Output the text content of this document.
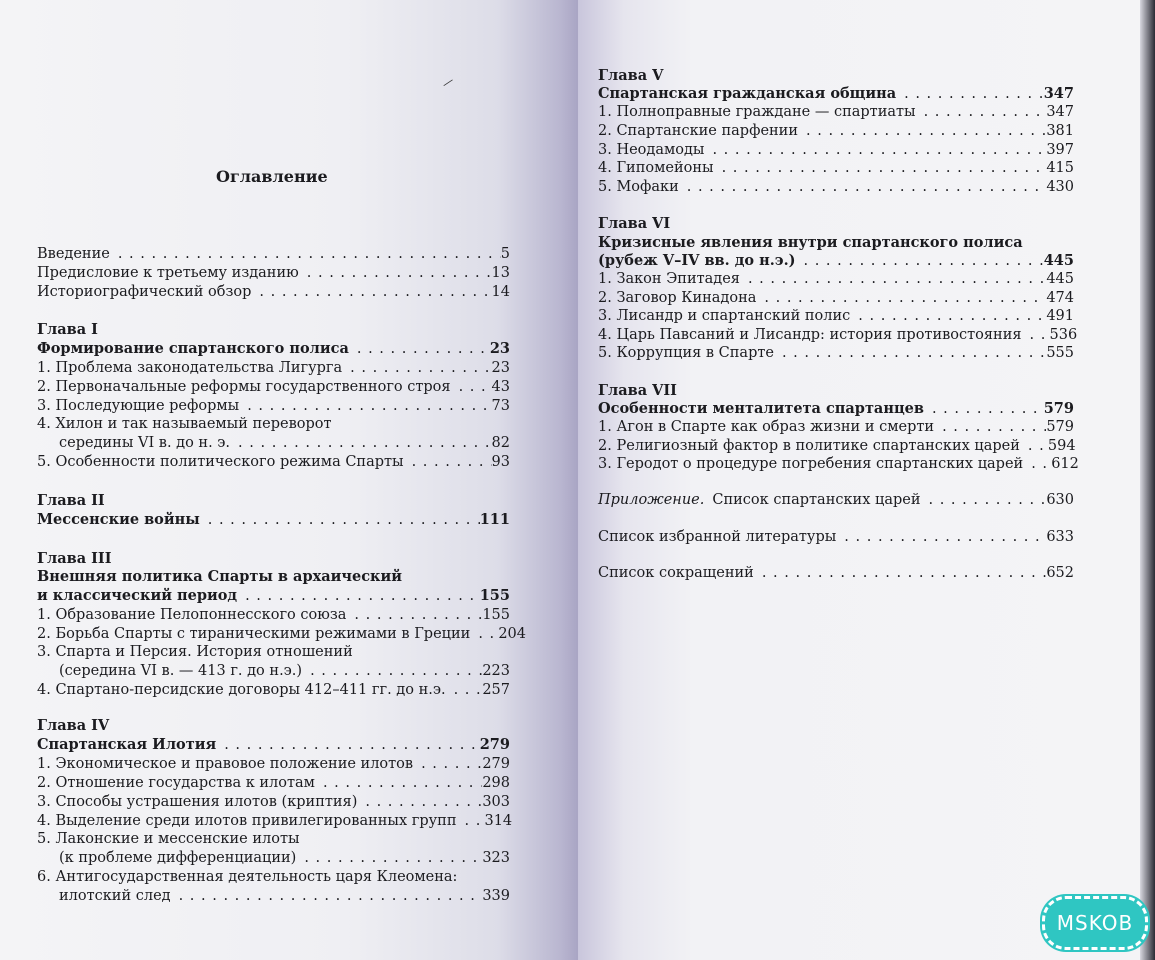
⁄
Оглавление
Введение . . .	5
Предисловие к третьему изданию . . .	13
Историографический обзор . . .	14
Глава I
Формирование спартанского полиса . . .	23
1. Проблема законодательства Лигурга . . .	23
2. Первоначальные реформы государственного строя . . .	43
3. Последующие реформы . . .	73
4. Хилон и так называемый переворот
середины VI в. до н. э. . . .	82
5. Особенности политического режима Спарты . . .	93
Глава II
Мессенские войны . . .	111
Глава III
Внешняя политика Спарты в архаический
и классический период . . .	155
1. Образование Пелопоннесского союза . . .	155
2. Борьба Спарты с тираническими режимами в Греции . . . 204
3. Спарта и Персия. История отношений
(середина VI в. — 413 г. до н.э.) . . .	223
4. Спартано-персидские договоры 412–411 гг. до н.э. . . .	257
Глава IV
Спартанская Илотия . . .	279
1. Экономическое и правовое положение илотов . . .	279
2. Отношение государства к илотам . . .	298
3. Способы устрашения илотов (криптия) . . .	303
4. Выделение среди илотов привилегированных групп . . . 314
5. Лаконские и мессенские илоты
(к проблеме дифференциации) . . .	323
6. Антигосударственная деятельность царя Клеомена:
илотский след . . .	339
Глава V
Спартанская гражданская община . . .	347
1. Полноправные граждане — спартиаты . . .	347
2. Спартанские парфении . . .	381
3. Неодамоды . . .	397
4. Гипомейоны . . .	415
5. Мофаки . . .	430
Глава VI
Кризисные явления внутри спартанского полиса
(рубеж V–IV вв. до н.э.) . . .	445
1. Закон Эпитадея . . .	445
2. Заговор Кинадона . . .	474
3. Лисандр и спартанский полис . . .	491
4. Царь Павсаний и Лисандр: история противостояния . . . 536
5. Коррупция в Спарте . . .	555
Глава VII
Особенности менталитета спартанцев . . .	579
1. Агон в Спарте как образ жизни и смерти . . .	579
2. Религиозный фактор в политике спартанских царей . . . 594
3. Геродот о процедуре погребения спартанских царей . . . 612
Приложение. Список спартанских царей . . .	630
Список избранной литературы . . .	633
Список сокращений . . .	652
MSKOB
